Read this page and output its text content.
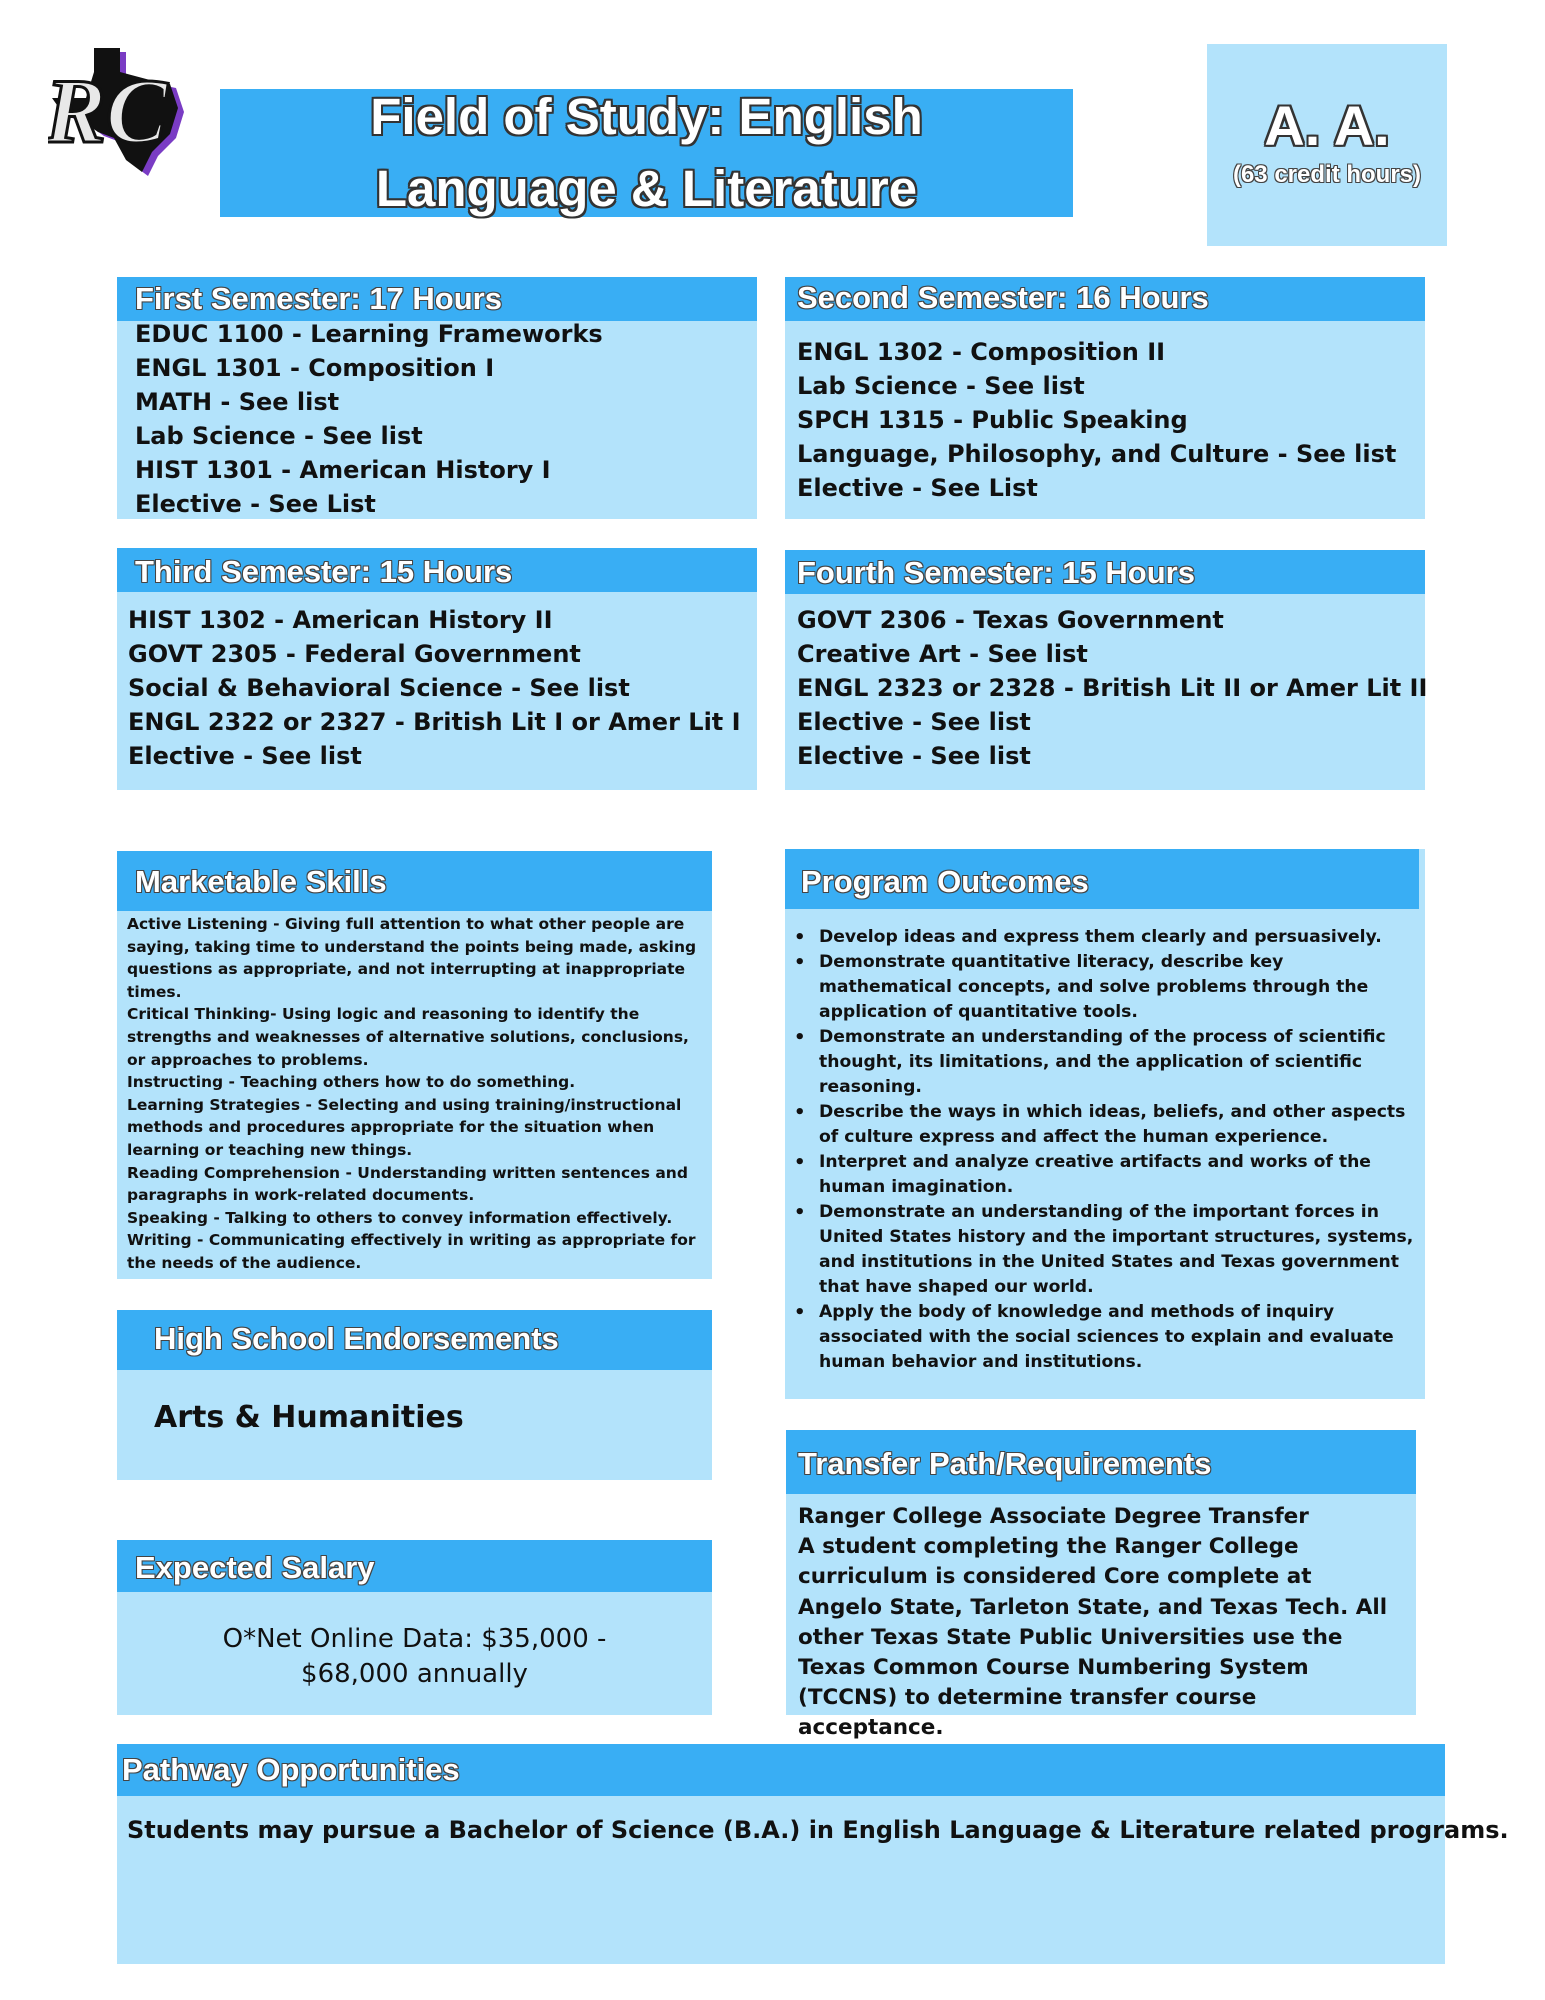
RC	Field of Study: English Language & Literature
A. A.
(63 credit hours)
First Semester: 17 Hours
EDUC 1100 - Learning Frameworks
ENGL 1301 - Composition I
MATH - See list
Lab Science - See list
HIST 1301 - American History I
Elective - See List
Second Semester: 16 Hours
ENGL 1302 - Composition II
Lab Science - See list
SPCH 1315 - Public Speaking
Language, Philosophy, and Culture - See list
Elective - See List
Third Semester: 15 Hours
HIST 1302 - American History II
GOVT 2305 - Federal Government
Social & Behavioral Science - See list
ENGL 2322 or 2327 - British Lit I or Amer Lit I
Elective - See list
Fourth Semester: 15 Hours
GOVT 2306 - Texas Government
Creative Art - See list
ENGL 2323 or 2328 - British Lit II or Amer Lit II
Elective - See list
Elective - See list
Marketable Skills

Active Listening - Giving full attention to what other people are saying, taking time to understand the points being made, asking questions as appropriate, and not interrupting at inappropriate times.

Critical Thinking- Using logic and reasoning to identify the strengths and weaknesses of alternative solutions, conclusions, or approaches to problems.

Instructing - Teaching others how to do something.

Learning Strategies - Selecting and using training/instructional methods and procedures appropriate for the situation when learning or teaching new things.

Reading Comprehension - Understanding written sentences and paragraphs in work-related documents.

Speaking - Talking to others to convey information effectively.

Writing - Communicating effectively in writing as appropriate for the needs of the audience.

Program Outcomes
• Develop ideas and express them clearly and persuasively.
• Demonstrate quantitative literacy, describe key mathematical concepts, and solve problems through the application of quantitative tools.
• Demonstrate an understanding of the process of scientific thought, its limitations, and the application of scientific reasoning.
• Describe the ways in which ideas, beliefs, and other aspects of culture express and affect the human experience.
• Interpret and analyze creative artifacts and works of the human imagination.
• Demonstrate an understanding of the important forces in United States history and the important structures, systems, and institutions in the United States and Texas government that have shaped our world.
• Apply the body of knowledge and methods of inquiry associated with the social sciences to explain and evaluate human behavior and institutions.
High School Endorsements
Arts & Humanities
Expected Salary
O*Net Online Data: $35,000 - $68,000 annually
Transfer Path/Requirements

Ranger College Associate Degree Transfer

A student completing the Ranger College curriculum is considered Core complete at Angelo State, Tarleton State, and Texas Tech. All other Texas State Public Universities use the Texas Common Course Numbering System (TCCNS) to determine transfer course acceptance.

Pathway Opportunities
Students may pursue a Bachelor of Science (B.A.) in English Language & Literature related programs.
